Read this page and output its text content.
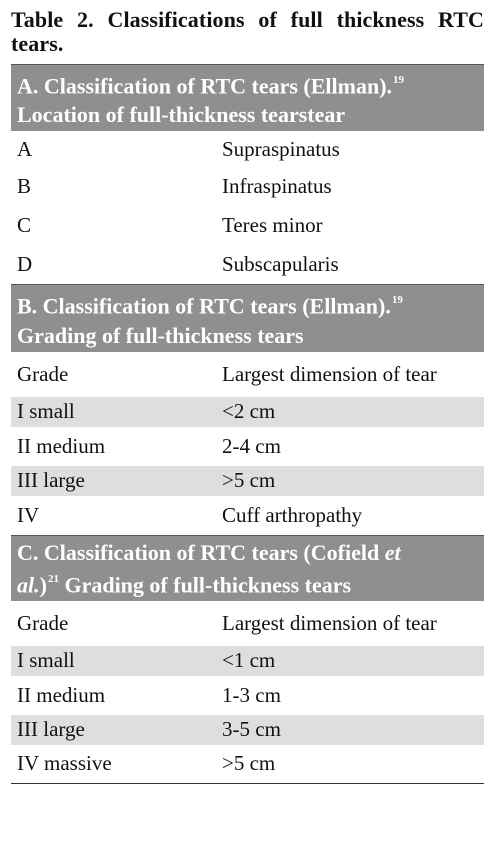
Table 2. Classifications of full thickness RTC tears.
A. Classification of RTC tears (Ellman).$^{19}$
Location of full-thickness tearstear
A	Supraspinatus
B	Infraspinatus
C	Teres minor
D	Subscapularis
B. Classification of RTC tears (Ellman).$^{19}$
Grading of full-thickness tears
Grade	Largest dimension of tear
I small	<2 cm
II medium	2-4 cm
III large	>5 cm
IV	Cuff arthropathy
C. Classification of RTC tears (Cofield et
al.)$^{21}$ Grading of full-thickness tears
Grade	Largest dimension of tear
I small	<1 cm
II medium	1-3 cm
III large	3-5 cm
IV massive	>5 cm
